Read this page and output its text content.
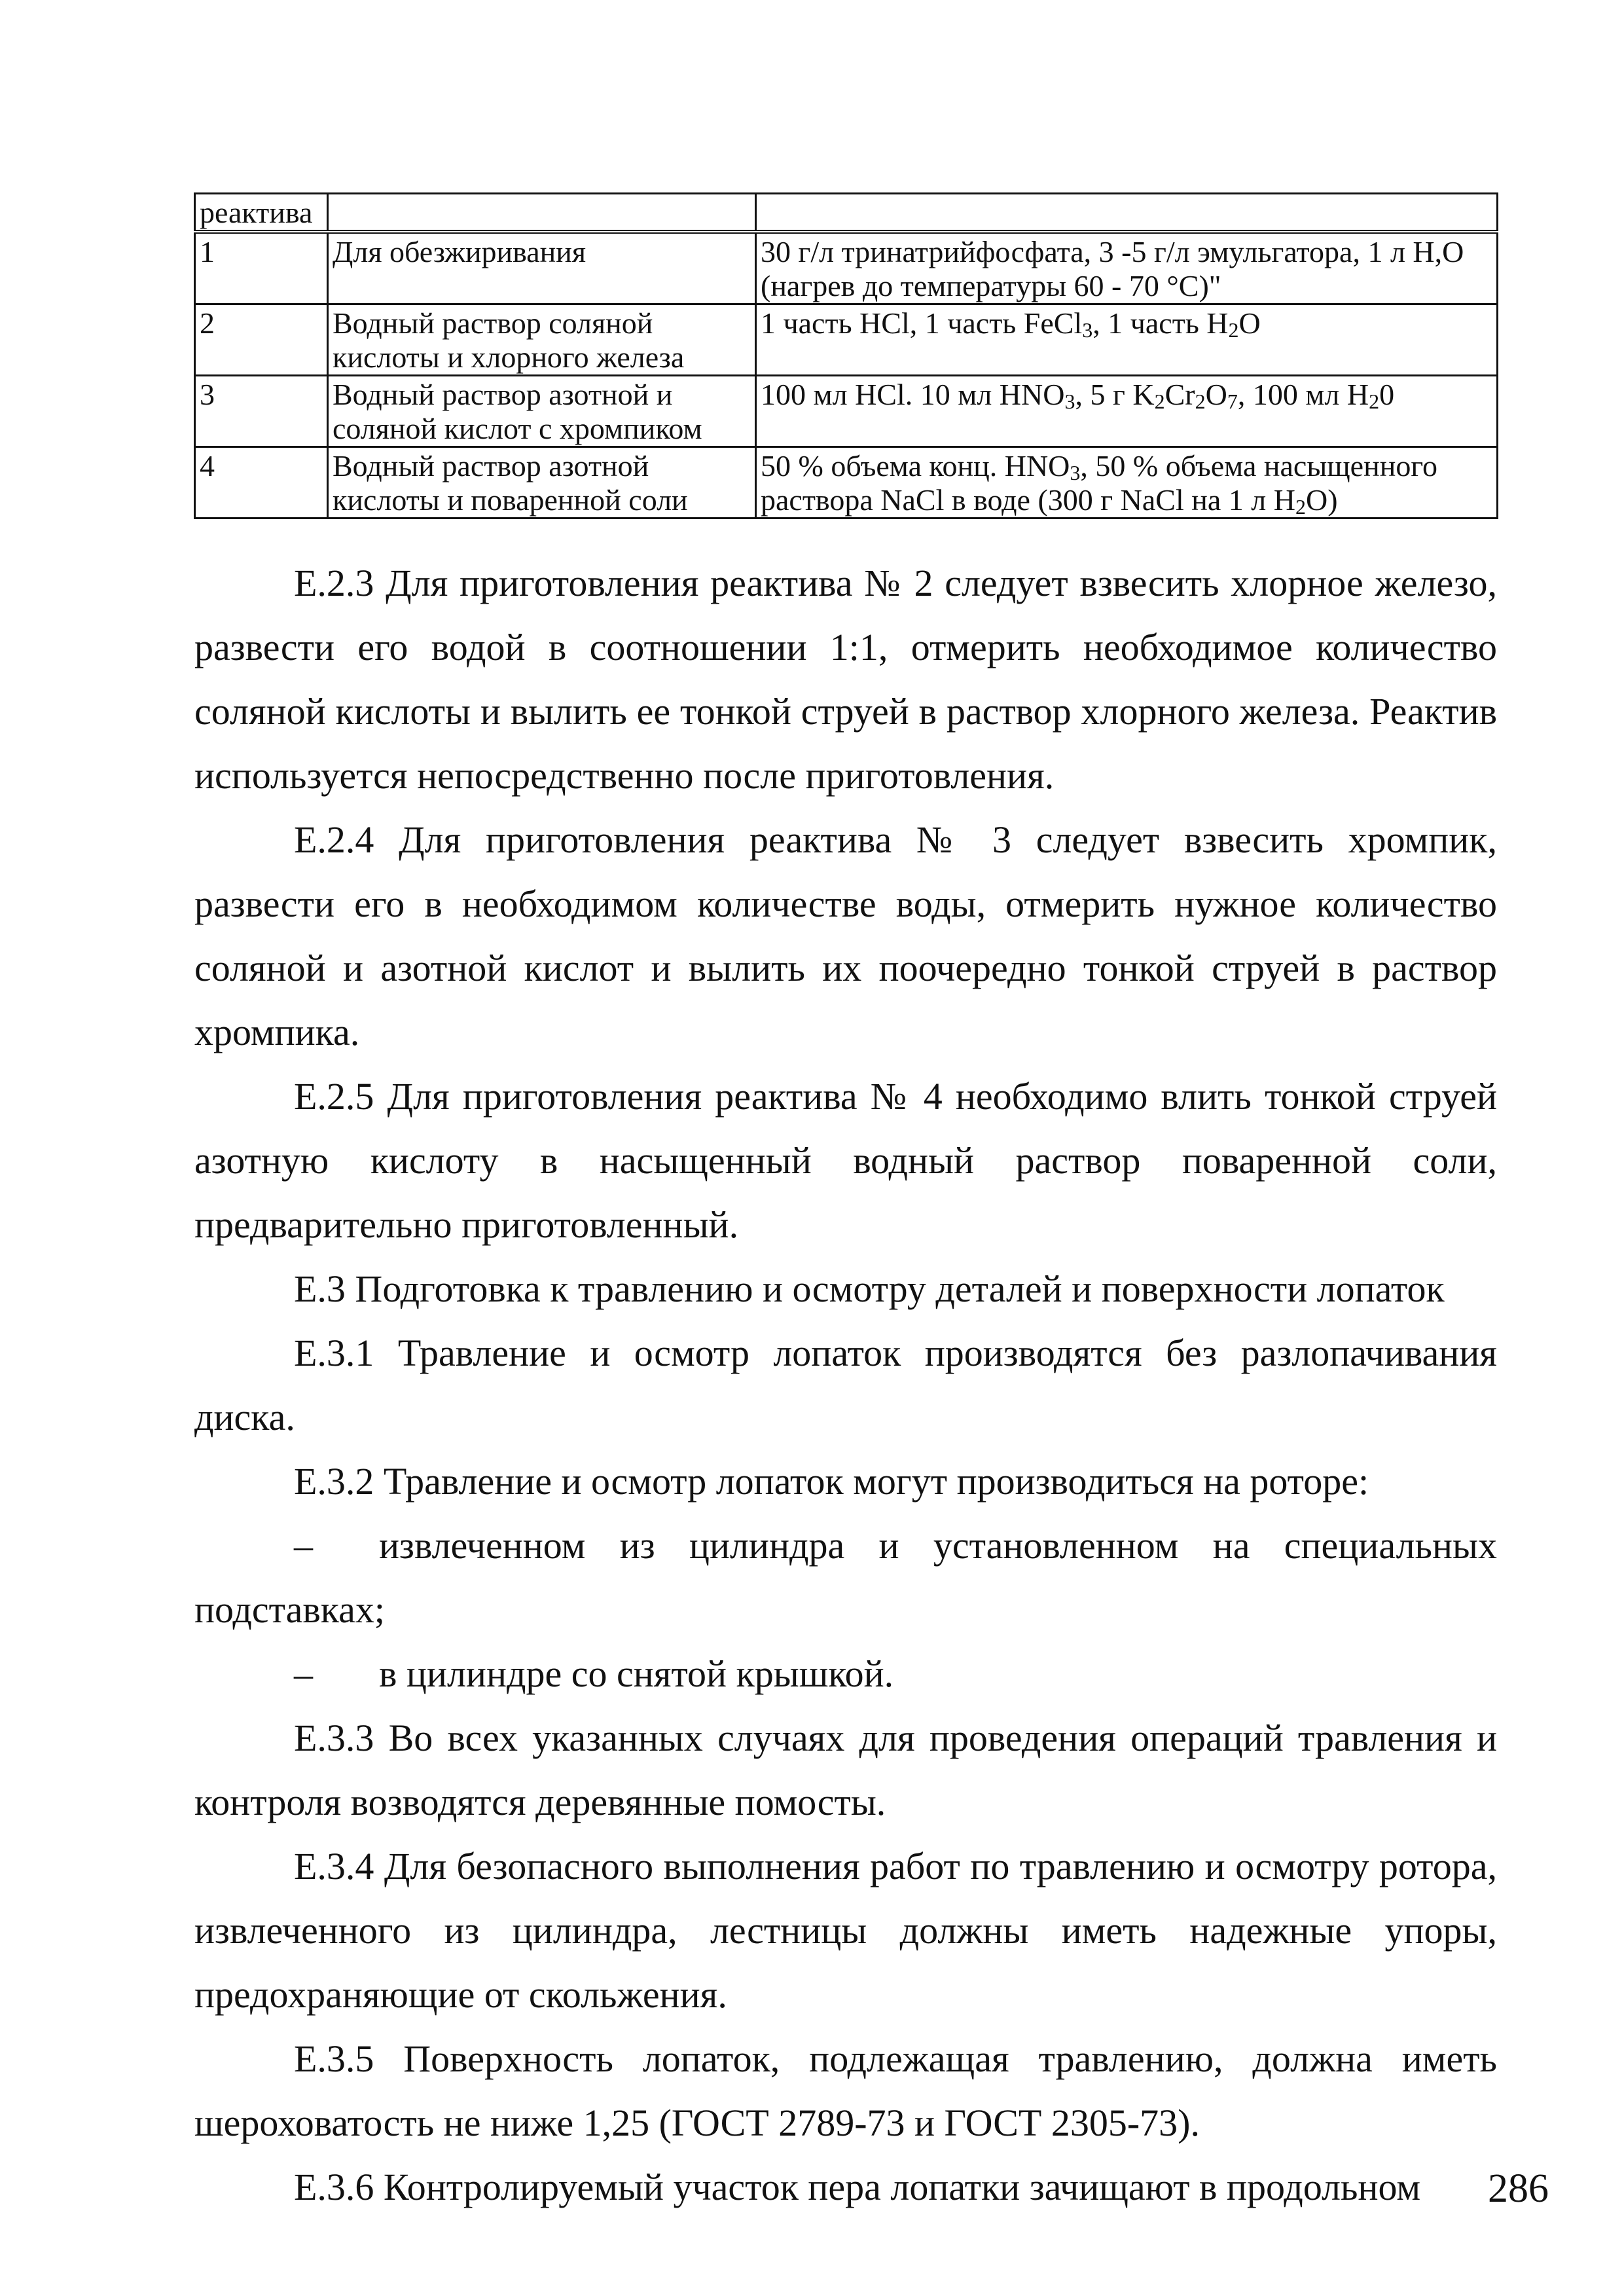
реактива		
1	Для обезжиривания	30 г/л тринатрийфосфата, 3 -5 г/л эмульгатора, 1 л H,O (нагрев до температуры 60 - 70 °С)"
2	Водный раствор соляной кислоты и хлорного железа	1 часть HCl, 1 часть FeCl$_3$, 1 часть $H_2O$
3	Водный раствор азотной и соляной кислот с хромпиком	100 мл HCl. 10 мл $HNO_3$, 5 г $K_2Cr_2O_7$, 100 мл $H_20$
4	Водный раствор азотной кислоты и поваренной соли	50 % объема конц. $HNO_3$, 50 % объема насыщенного раствора NaCl в воде (300 г NaCl на 1 л $H_2O$)

Е.2.3 Для приготовления реактива № 2 следует взвесить хлорное железо, развести его водой в соотношении 1:1, отмерить необходимое количество соляной кислоты и вылить ее тонкой струей в раствор хлорного железа. Реактив используется непосредственно после приготовления.

Е.2.4 Для приготовления реактива № 3 следует взвесить хромпик, развести его в необходимом количестве воды, отмерить нужное количество соляной и азотной кислот и вылить их поочередно тонкой струей в раствор хромпика.

Е.2.5 Для приготовления реактива № 4 необходимо влить тонкой струей азотную кислоту в насыщенный водный раствор поваренной соли, предварительно приготовленный.

Е.3 Подготовка к травлению и осмотру деталей и поверхности лопаток

Е.3.1 Травление и осмотр лопаток производятся без разлопачивания диска.

Е.3.2 Травление и осмотр лопаток могут производиться на роторе:

– извлеченном из цилиндра и установленном на специальных подставках;

– в цилиндре со снятой крышкой.

Е.3.3 Во всех указанных случаях для проведения операций травления и контроля возводятся деревянные помосты.

Е.3.4 Для безопасного выполнения работ по травлению и осмотру ротора, извлеченного из цилиндра, лестницы должны иметь надежные упоры, предохраняющие от скольжения.

Е.3.5 Поверхность лопаток, подлежащая травлению, должна иметь шероховатость не ниже 1,25 (ГОСТ 2789-73 и ГОСТ 2305-73).

Е.3.6 Контролируемый участок пера лопатки зачищают в продольном	286
